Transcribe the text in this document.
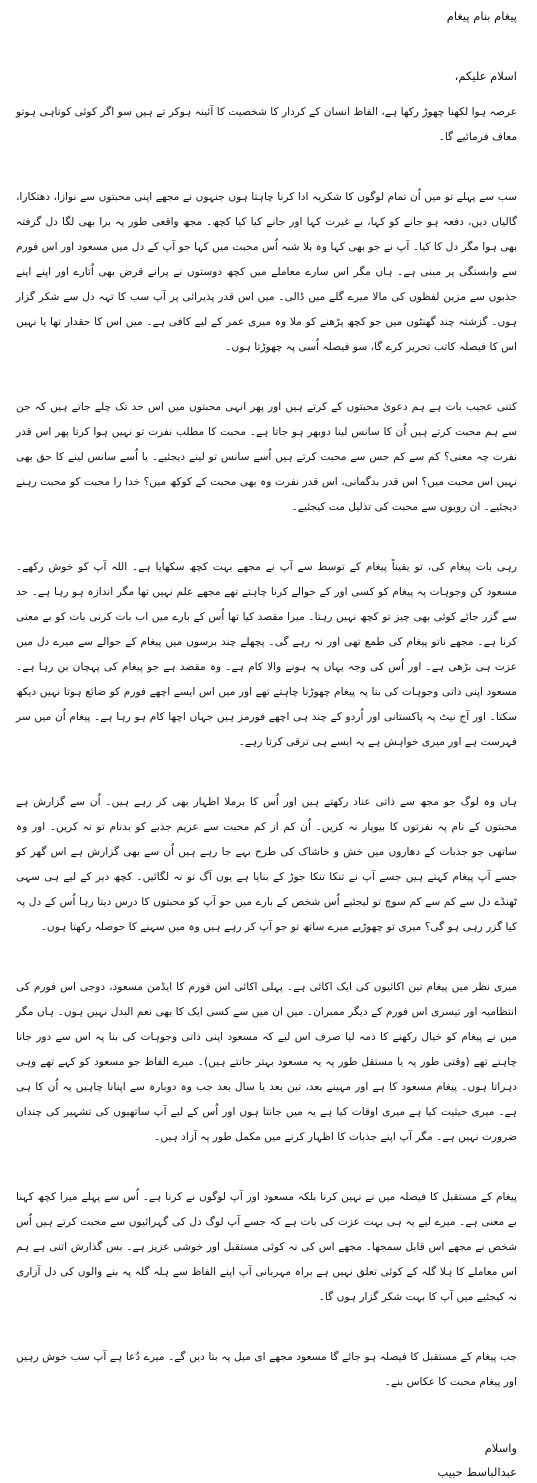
پیغام بنام پیغام

اسلام علیکم،

عرصہ ہوا لکھنا چھوڑ رکھا ہے، الفاظ انسان کے کردار کا شخصیت کا آئینہ ہوکر تے ہیں سو اگر کوئی کوتاہی ہوتو معاف فرمائیے گا۔

سب سے پہلے تو میں اُن تمام لوگوں کا شکریہ ادا کرنا چاہتا ہوں جنہوں نے مجھے اپنی محبتوں سے نوازا، دھتکارا، گالیاں دیں، دفعہ ہو جانے کو کہا، بے غیرت کہا اور جانے کیا کیا کچھ۔ مجھ واقعی طور پہ برا بھی لگا دل گرفتہ بھی ہوا مگر دل کا کیا۔ آپ نے جو بھی کہا وہ بلا شبہ اُس محبت میں کہا جو آپ کے دل میں مسعود اور اس فورم سے وابستگی پر مبنی ہے۔ ہاں مگر اس سارے معاملے میں کچھ دوستوں نے پرانے قرض بھی اُتارے اور اپنے اپنے جذبوں سے مزین لفظوں کی مالا میرے گلے میں ڈالی۔ میں اس قدر پذیرائی پر آپ سب کا تہہ دل سے شکر گزار ہوں۔ گزشتہ چند گھنٹوں میں جو کچھ پڑھنے کو ملا وہ میری عمر کے لیے کافی ہے۔ میں اس کا حقدار تھا یا نہیں اس کا فیصلہ کاتب تحریر کرے گا، سو فیصلہ اُسی پہ چھوڑتا ہوں۔

کتنی عجیب بات ہے ہم دعویٰ محبتوں کے کرتے ہیں اور پھر انہی محبتوں میں اس حد تک چلے جاتے ہیں کہ جن سے ہم محبت کرتے ہیں اُن کا سانس لینا دوبھر ہو جاتا ہے۔ محبت کا مطلب نفرت تو نہیں ہوا کرتا پھر اس قدر نفرت چہ معنی؟ کم سے کم جس سے محبت کرتے ہیں اُسے سانس تو لینے دیجئیے۔ یا اُسے سانس لینے کا حق بھی نہیں اس محبت میں؟ اس قدر بدگمانی، اس قدر نفرت وہ بھی محبت کے کوکھ میں؟ خدا را محبت کو محبت رہنے دیجئیے۔ ان رویوں سے محبت کی تذلیل مت کیجئیے۔

رہی بات پیغام کی، تو یقیناً پیغام کے توسط سے آپ نے مجھے بہت کچھ سکھایا ہے۔ اللہ آپ کو خوش رکھے۔ مسعود کن وجوہات پہ پیغام کو کسی اور کے حوالے کرنا چاہتے تھے مجھے علم نہیں تھا مگر اندازہ ہو رہا ہے۔ حد سے گزر جائے کوئی بھی چیز تو کچھ نہیں رہتا۔ میرا مقصد کیا تھا اُس کے بارے میں اب بات کرنی بات کو بے معنی کرنا ہے۔ مجھے ناتو پیغام کی طمع تھی اور نہ رہے گی۔ پچھلے چند برسوں میں پیغام کے حوالے سے میرے دل میں عزت ہی بڑھی ہے۔ اور اُس کی وجہ یہاں پہ ہونے والا کام ہے۔ وہ مقصد ہے جو پیغام کی پہچان بن رہا ہے۔ مسعود اپنی ذاتی وجوہات کی بنا پہ پیغام چھوڑنا چاہتے تھے اور میں اس ایسے اچھے فورم کو ضائع ہوتا نہیں دیکھ سکتا۔ اور آج نیٹ پہ پاکستانی اور اُردو کے چند ہی اچھے فورمز ہیں جہاں اچھا کام ہو رہا ہے۔ پیغام اُن میں سر فہرست ہے اور میری خواہش ہے یہ ایسے ہی ترقی کرتا رہے۔

ہاں وہ لوگ جو مجھ سے ذاتی عناد رکھتے ہیں اور اُس کا برملا اظہار بھی کر رہے ہیں۔ اُن سے گزارش ہے محبتوں کے نام پہ نفرتوں کا بیوپار نہ کریں۔ اُن کم از کم محبت سے عزیم جذبے کو بدنام تو نہ کریں۔ اور وہ ساتھی جو جذبات کے دھاروں میں خش و خاشاک کی طرح بہے جا رہے ہیں اُن سے بھی گزارش ہے اس گھر کو جسے آپ پیغام کہتے ہیں جسے آپ نے تنکا تنکا جوڑ کے بنایا ہے یوں آگ تو نہ لگائیں۔ کچھ دیر کے لیے ہی سہی ٹھنڈے دل سے کم سے کم سوچ تو لیجئیے اُس شخص کے بارے میں جو آپ کو محبتوں کا درس دیتا رہا اُس کے دل پہ کیا گزر رہی ہو گی؟ میری تو چھوڑیے میرے ساتھ تو جو آپ کر رہے ہیں وہ میں سہنے کا حوصلہ رکھتا ہوں۔

میری نظر میں پیغام تین اکائیوں کی ایک اکائی ہے۔ پہلی اکائی اس فورم کا ایڈمن مسعود، دوجی اس فورم کی انتظامیہ اور تیسری اس فورم کے دیگر ممبران۔ میں ان میں سے کسی ایک کا بھی نعم البدل نہیں ہوں۔ ہاں مگر میں نے پیغام کو خیال رکھنے کا ذمہ لیا صرف اس لیے کہ مسعود اپنی ذاتی وجوہات کی بنا پہ اس سے دور جانا چاہتے تھے (وقتی طور پہ یا مستقل طور پہ یہ مسعود بہتر جانتے ہیں)۔ میرے الفاظ جو مسعود کو کہے تھے وہی دہراتا ہوں۔ پیغام مسعود کا ہے اور مہینے بعد، تین بعد یا سال بعد جب وہ دوبارہ سے اپنانا چاہیں یہ اُن کا ہی ہے۔ میری حیثیت کیا ہے میری اوقات کیا ہے یہ میں جانتا ہوں اور اُس کے لیے آپ ساتھیوں کی تشہیر کی چنداں ضرورت نہیں ہے۔ مگر آپ اپنے جذبات کا اظہار کرنے میں مکمل طور پہ آزاد ہیں۔

پیغام کے مستقبل کا فیصلہ میں نے نہیں کرنا بلکہ مسعود اور آپ لوگوں نے کرنا ہے۔ اُس سے پہلے میرا کچھ کہنا بے معنی ہے۔ میرے لیے یہ ہی بہت عزت کی بات ہے کہ جسے آپ لوگ دل کی گہرائیوں سے محبت کرتے ہیں اُس شخص نے مجھے اس قابل سمجھا۔ مجھے اس کی نہ کوئی مستقبل اور خوشی عزیز ہے۔ بس گذارش اتنی ہے ہم اس معاملے کا ہلا گلہ کے کوئی تعلق نہیں ہے براہ مہربانی آپ اپنے الفاظ سے ہلہ گلہ پہ بنے والوں کی دل آزاری نہ کیجئیے میں آپ کا بہت شکر گزار ہوں گا۔

جب پیغام کے مستقبل کا فیصلہ ہو جائے گا مسعود مجھے ای میل پہ بتا دیں گے۔ میرے دُعا ہے آپ سب خوش رہیں اور پیغام محبت کا عکاس بنے۔

واسلام

عبدالباسط حبیب
